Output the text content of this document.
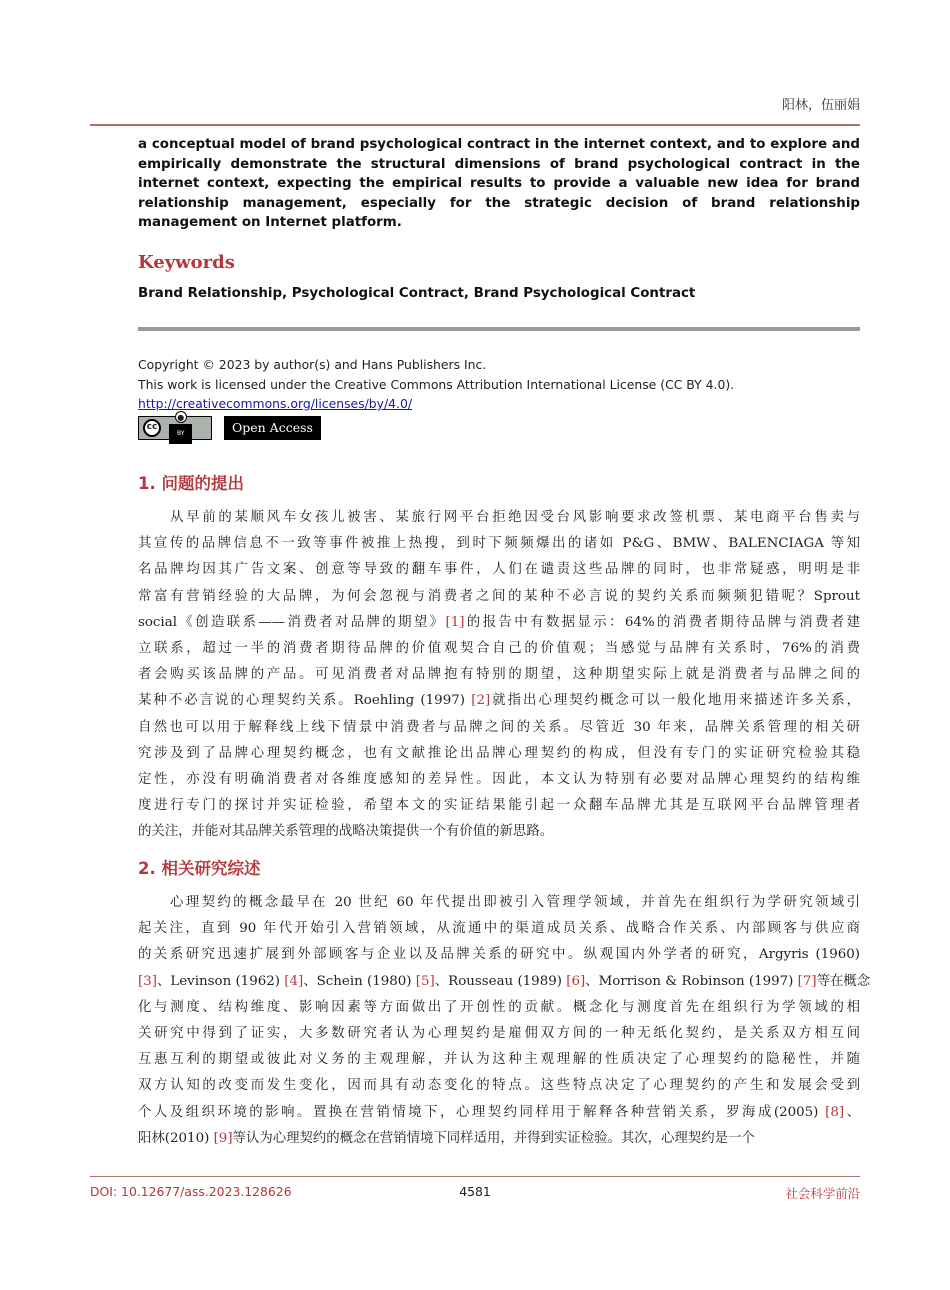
阳林，伍丽娟
a conceptual model of brand psychological contract in the internet context, and to explore and empirically demonstrate the structural dimensions of brand psychological contract in the internet context, expecting the empirical results to provide a valuable new idea for brand relationship management, especially for the strategic decision of brand relationship management on Internet platform.
Keywords
Brand Relationship, Psychological Contract, Brand Psychological Contract
Copyright © 2023 by author(s) and Hans Publishers Inc.
This work is licensed under the Creative Commons Attribution International License (CC BY 4.0).
http://creativecommons.org/licenses/by/4.0/
cc
●
BY	Open Access
1. 问题的提出
从早前的某顺风车女孩儿被害、某旅行网平台拒绝因受台风影响要求改签机票、某电商平台售卖与
其宣传的品牌信息不一致等事件被推上热搜，到时下频频爆出的诸如 P&G、BMW、BALENCIAGA 等知
名品牌均因其广告文案、创意等导致的翻车事件，人们在谴责这些品牌的同时，也非常疑惑，明明是非
常富有营销经验的大品牌，为何会忽视与消费者之间的某种不必言说的契约关系而频频犯错呢？Sprout
social《创造联系——消费者对品牌的期望》[1]的报告中有数据显示：64%的消费者期待品牌与消费者建
立联系，超过一半的消费者期待品牌的价值观契合自己的价值观；当感觉与品牌有关系时，76%的消费
者会购买该品牌的产品。可见消费者对品牌抱有特别的期望，这种期望实际上就是消费者与品牌之间的
某种不必言说的心理契约关系。Roehling (1997) [2]就指出心理契约概念可以一般化地用来描述许多关系，
自然也可以用于解释线上线下情景中消费者与品牌之间的关系。尽管近 30 年来，品牌关系管理的相关研
究涉及到了品牌心理契约概念，也有文献推论出品牌心理契约的构成，但没有专门的实证研究检验其稳
定性，亦没有明确消费者对各维度感知的差异性。因此，本文认为特别有必要对品牌心理契约的结构维
度进行专门的探讨并实证检验，希望本文的实证结果能引起一众翻车品牌尤其是互联网平台品牌管理者
的关注，并能对其品牌关系管理的战略决策提供一个有价值的新思路。
2. 相关研究综述
心理契约的概念最早在 20 世纪 60 年代提出即被引入管理学领域，并首先在组织行为学研究领域引
起关注，直到 90 年代开始引入营销领域，从流通中的渠道成员关系、战略合作关系、内部顾客与供应商
的关系研究迅速扩展到外部顾客与企业以及品牌关系的研究中。纵观国内外学者的研究，Argyris (1960)
[3]、Levinson (1962) [4]、Schein (1980) [5]、Rousseau (1989) [6]、Morrison & Robinson (1997) [7]等在概念
化与测度、结构维度、影响因素等方面做出了开创性的贡献。概念化与测度首先在组织行为学领域的相
关研究中得到了证实，大多数研究者认为心理契约是雇佣双方间的一种无纸化契约，是关系双方相互间
互惠互利的期望或彼此对义务的主观理解，并认为这种主观理解的性质决定了心理契约的隐秘性，并随
双方认知的改变而发生变化，因而具有动态变化的特点。这些特点决定了心理契约的产生和发展会受到
个人及组织环境的影响。置换在营销情境下，心理契约同样用于解释各种营销关系，罗海成(2005) [8]、
阳林(2010) [9]等认为心理契约的概念在营销情境下同样适用，并得到实证检验。其次，心理契约是一个
DOI: 10.12677/ass.2023.128626	4581	社会科学前沿
